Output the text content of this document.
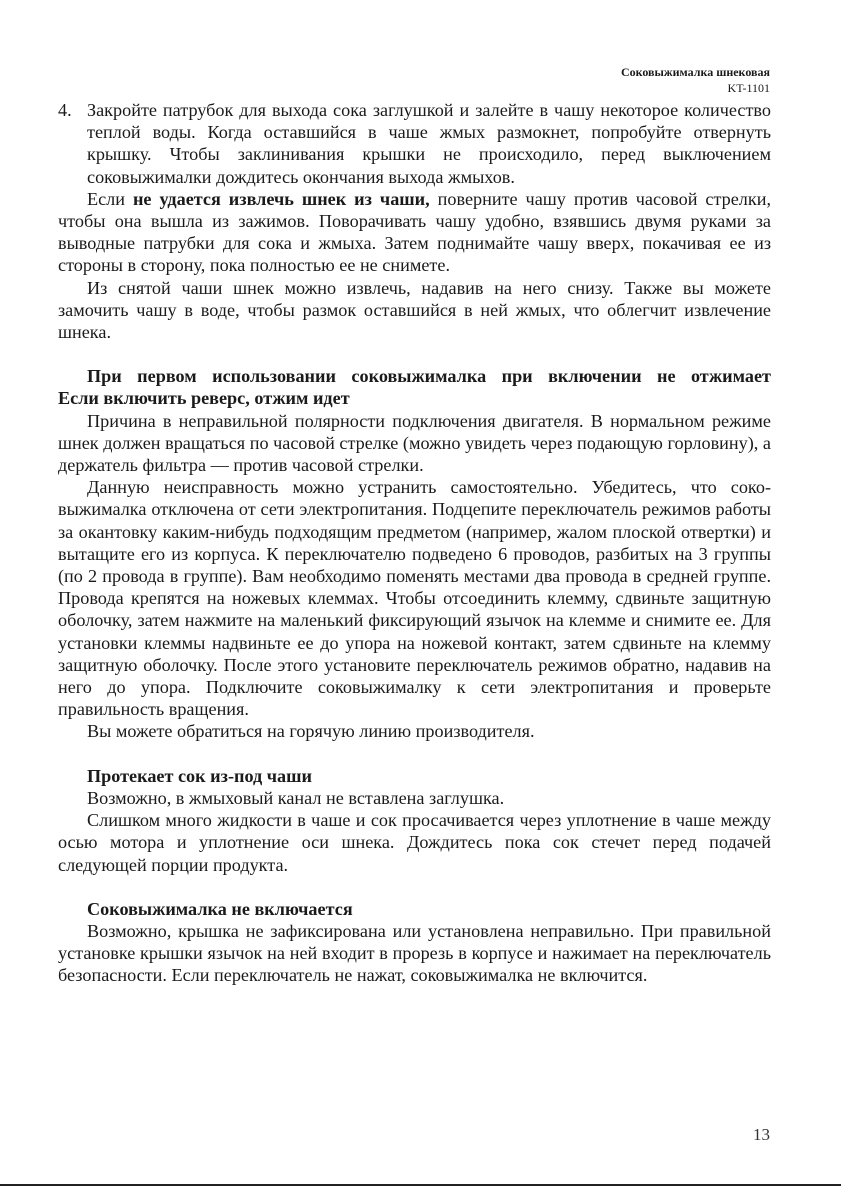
Соковыжималка шнековая
KT-1101

4. Закройте патрубок для выхода сока заглушкой и залейте в чашу некоторое количество теплой воды. Когда оставшийся в чаше жмых размокнет, попробуйте отвернуть крышку. Чтобы заклинивания крышки не происходило, перед выключением соковыжималки дождитесь окончания выхода жмыхов.

Если не удается извлечь шнек из чаши, поверните чашу против часовой стрелки, чтобы она вышла из зажимов. Поворачивать чашу удобно, взявшись двумя руками за выводные патрубки для сока и жмыха. Затем поднимайте чашу вверх, покачивая ее из стороны в сторону, пока полностью ее не снимете.

Из снятой чаши шнек можно извлечь, надавив на него снизу. Также вы можете замочить чашу в воде, чтобы размок оставшийся в ней жмых, что облегчит извлечение шнека.

При первом использовании соковыжималка при включении не отжимает
Если включить реверс, отжим идет

Причина в неправильной полярности подключения двигателя. В нормальном режиме шнек должен вращаться по часовой стрелке (можно увидеть через подающую горловину), а держатель фильтра — против часовой стрелки.

Данную неисправность можно устранить самостоятельно. Убедитесь, что соковыжималка отключена от сети электропитания. Подцепите переключатель режимов работы за окантовку каким-нибудь подходящим предметом (например, жалом плоской отвертки) и вытащите его из корпуса. К переключателю подведено 6 проводов, разбитых на 3 группы (по 2 провода в группе). Вам необходимо поменять местами два провода в средней группе. Провода крепятся на ножевых клеммах. Чтобы отсоединить клемму, сдвиньте защитную оболочку, затем нажмите на маленький фиксирующий язычок на клемме и снимите ее. Для установки клеммы надвиньте ее до упора на ножевой контакт, затем сдвиньте на клемму защитную оболочку. После этого установите переключатель режимов обратно, надавив на него до упора. Подключите соковыжималку к сети электропитания и проверьте правильность вращения.

Вы можете обратиться на горячую линию производителя.

Протекает сок из-под чаши

Возможно, в жмыховый канал не вставлена заглушка.

Слишком много жидкости в чаше и сок просачивается через уплотнение в чаше между осью мотора и уплотнение оси шнека. Дождитесь пока сок стечет перед подачей следующей порции продукта.

Соковыжималка не включается

Возможно, крышка не зафиксирована или установлена неправильно. При правильной установке крышки язычок на ней входит в прорезь в корпусе и нажимает на переключатель безопасности. Если переключатель не нажат, соковыжималка не включится.

13
